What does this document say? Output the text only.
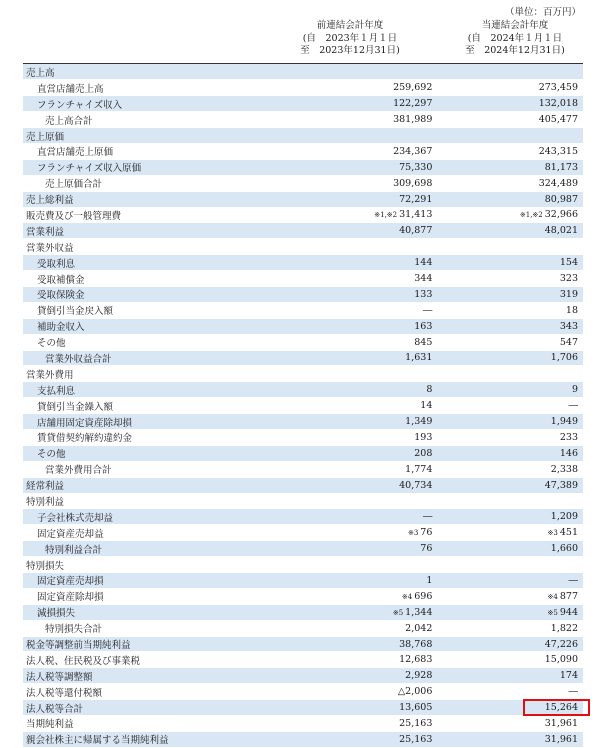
（単位：百万円）
前連結会計年度
(自　2023年１月１日
至　2023年12月31日)
当連結会計年度
(自　2024年１月１日
至　2024年12月31日)
売上高		
直営店舗売上高	259,692	273,459
フランチャイズ収入	122,297	132,018
売上高合計	381,989	405,477
売上原価		
直営店舗売上原価	234,367	243,315
フランチャイズ収入原価	75,330	81,173
売上原価合計	309,698	324,489
売上総利益	72,291	80,987
販売費及び一般管理費	※1,※2 31,413	※1,※2 32,966
営業利益	40,877	48,021
営業外収益		
受取利息	144	154
受取補償金	344	323
受取保険金	133	319
貸倒引当金戻入額	―	18
補助金収入	163	343
その他	845	547
営業外収益合計	1,631	1,706
営業外費用		
支払利息	8	9
貸倒引当金繰入額	14	―
店舗用固定資産除却損	1,349	1,949
賃貸借契約解約違約金	193	233
その他	208	146
営業外費用合計	1,774	2,338
経常利益	40,734	47,389
特別利益		
子会社株式売却益	―	1,209
固定資産売却益	※3 76	※3 451
特別利益合計	76	1,660
特別損失		
固定資産売却損	1	―
固定資産除却損	※4 696	※4 877
減損損失	※5 1,344	※5 944
特別損失合計	2,042	1,822
税金等調整前当期純利益	38,768	47,226
法人税、住民税及び事業税	12,683	15,090
法人税等調整額	2,928	174
法人税等還付税額	△2,006	―
法人税等合計	13,605	15,264
当期純利益	25,163	31,961
親会社株主に帰属する当期純利益	25,163	31,961
